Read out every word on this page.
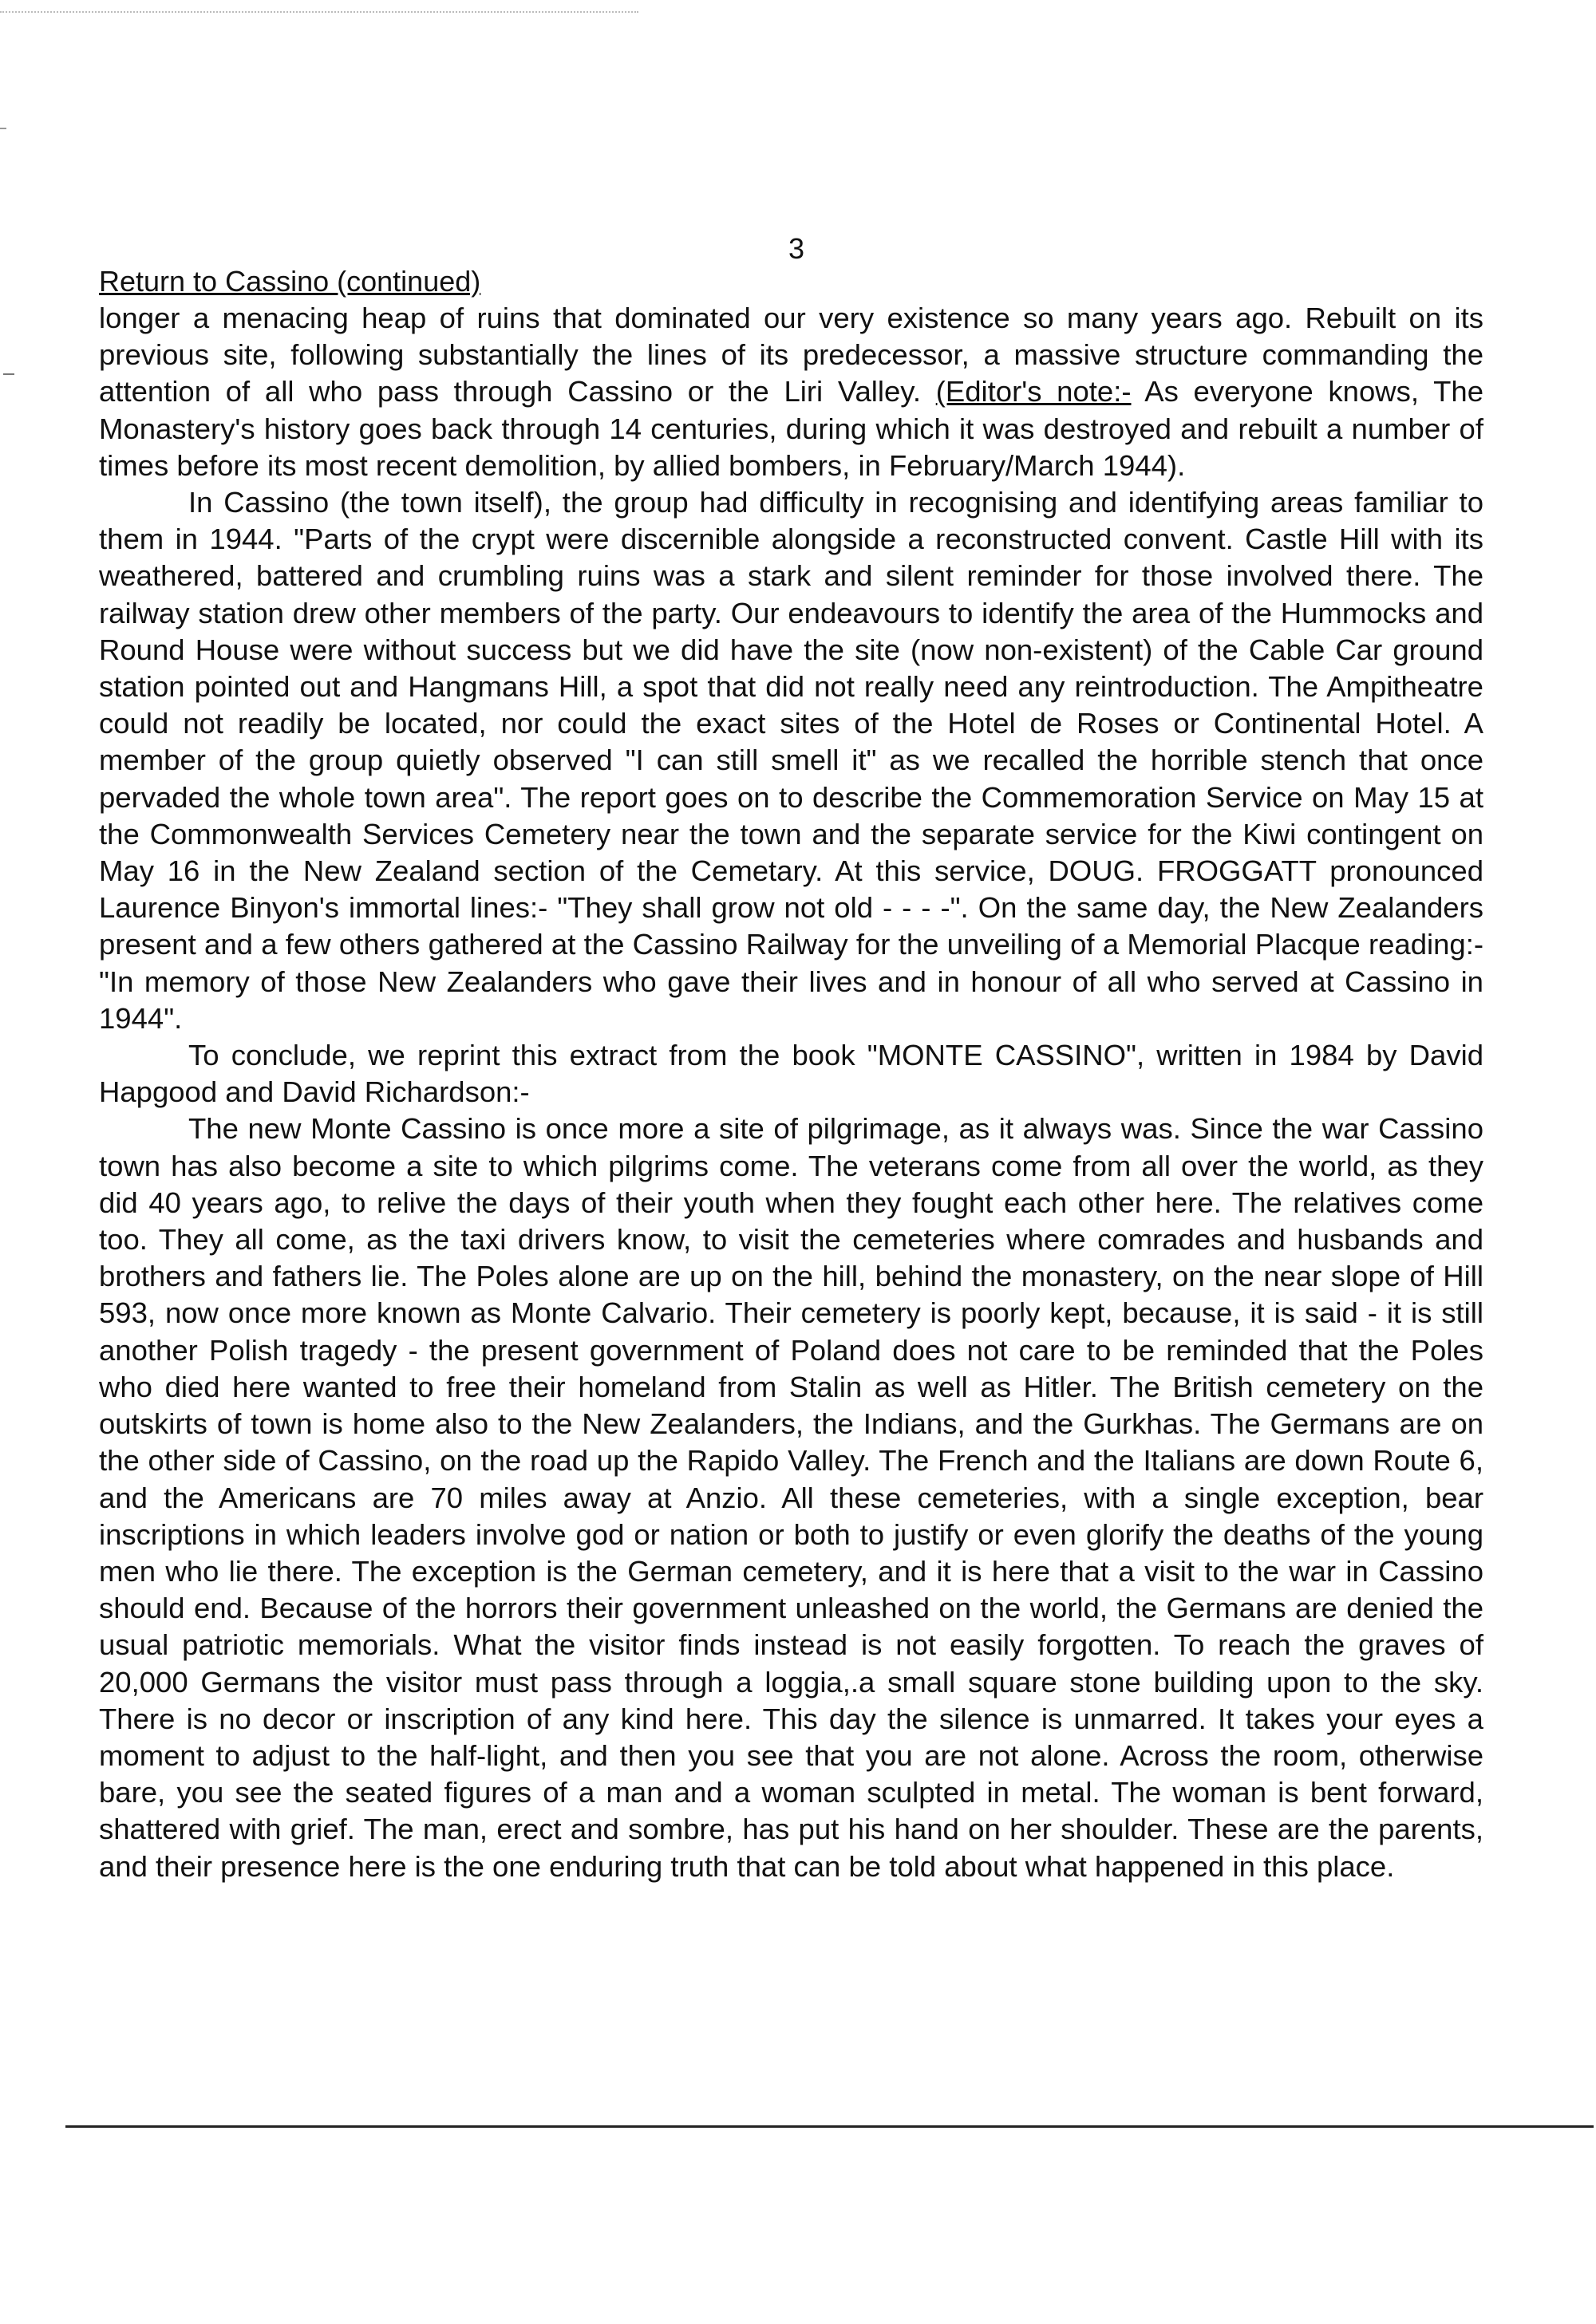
3

Return to Cassino (continued)

longer a menacing heap of ruins that dominated our very existence so many years ago. Rebuilt on its previous site, following substantially the lines of its predecessor, a massive structure commanding the attention of all who pass through Cassino or the Liri Valley. (Editor's note:- As everyone knows, The Monastery's history goes back through 14 centuries, during which it was destroyed and rebuilt a number of times before its most recent demolition, by allied bombers, in February/March 1944).

In Cassino (the town itself), the group had difficulty in recognising and identifying areas familiar to them in 1944. "Parts of the crypt were discernible alongside a reconstructed convent. Castle Hill with its weathered, battered and crumbling ruins was a stark and silent reminder for those involved there. The railway station drew other members of the party. Our endeavours to identify the area of the Hummocks and Round House were without success but we did have the site (now non-existent) of the Cable Car ground station pointed out and Hangmans Hill, a spot that did not really need any reintroduction. The Ampitheatre could not readily be located, nor could the exact sites of the Hotel de Roses or Continental Hotel. A member of the group quietly observed "I can still smell it" as we recalled the horrible stench that once pervaded the whole town area". The report goes on to describe the Commemoration Service on May 15 at the Commonwealth Services Cemetery near the town and the separate service for the Kiwi contingent on May 16 in the New Zealand section of the Cemetary. At this service, DOUG. FROGGATT pronounced Laurence Binyon's immortal lines:- "They shall grow not old - - - -". On the same day, the New Zealanders present and a few others gathered at the Cassino Railway for the unveiling of a Memorial Placque reading:- "In memory of those New Zealanders who gave their lives and in honour of all who served at Cassino in 1944".

To conclude, we reprint this extract from the book "MONTE CASSINO", written in 1984 by David Hapgood and David Richardson:-

The new Monte Cassino is once more a site of pilgrimage, as it always was. Since the war Cassino town has also become a site to which pilgrims come. The veterans come from all over the world, as they did 40 years ago, to relive the days of their youth when they fought each other here. The relatives come too. They all come, as the taxi drivers know, to visit the cemeteries where comrades and husbands and brothers and fathers lie. The Poles alone are up on the hill, behind the monastery, on the near slope of Hill 593, now once more known as Monte Calvario. Their cemetery is poorly kept, because, it is said - it is still another Polish tragedy - the present government of Poland does not care to be reminded that the Poles who died here wanted to free their homeland from Stalin as well as Hitler. The British cemetery on the outskirts of town is home also to the New Zealanders, the Indians, and the Gurkhas. The Germans are on the other side of Cassino, on the road up the Rapido Valley. The French and the Italians are down Route 6, and the Americans are 70 miles away at Anzio. All these cemeteries, with a single exception, bear inscriptions in which leaders involve god or nation or both to justify or even glorify the deaths of the young men who lie there. The exception is the German cemetery, and it is here that a visit to the war in Cassino should end. Because of the horrors their government unleashed on the world, the Germans are denied the usual patriotic memorials. What the visitor finds instead is not easily forgotten. To reach the graves of 20,000 Germans the visitor must pass through a loggia,.a small square stone building upon to the sky. There is no decor or inscription of any kind here. This day the silence is unmarred. It takes your eyes a moment to adjust to the half-light, and then you see that you are not alone. Across the room, otherwise bare, you see the seated figures of a man and a woman sculpted in metal. The woman is bent forward, shattered with grief. The man, erect and sombre, has put his hand on her shoulder. These are the parents, and their presence here is the one enduring truth that can be told about what happened in this place.
